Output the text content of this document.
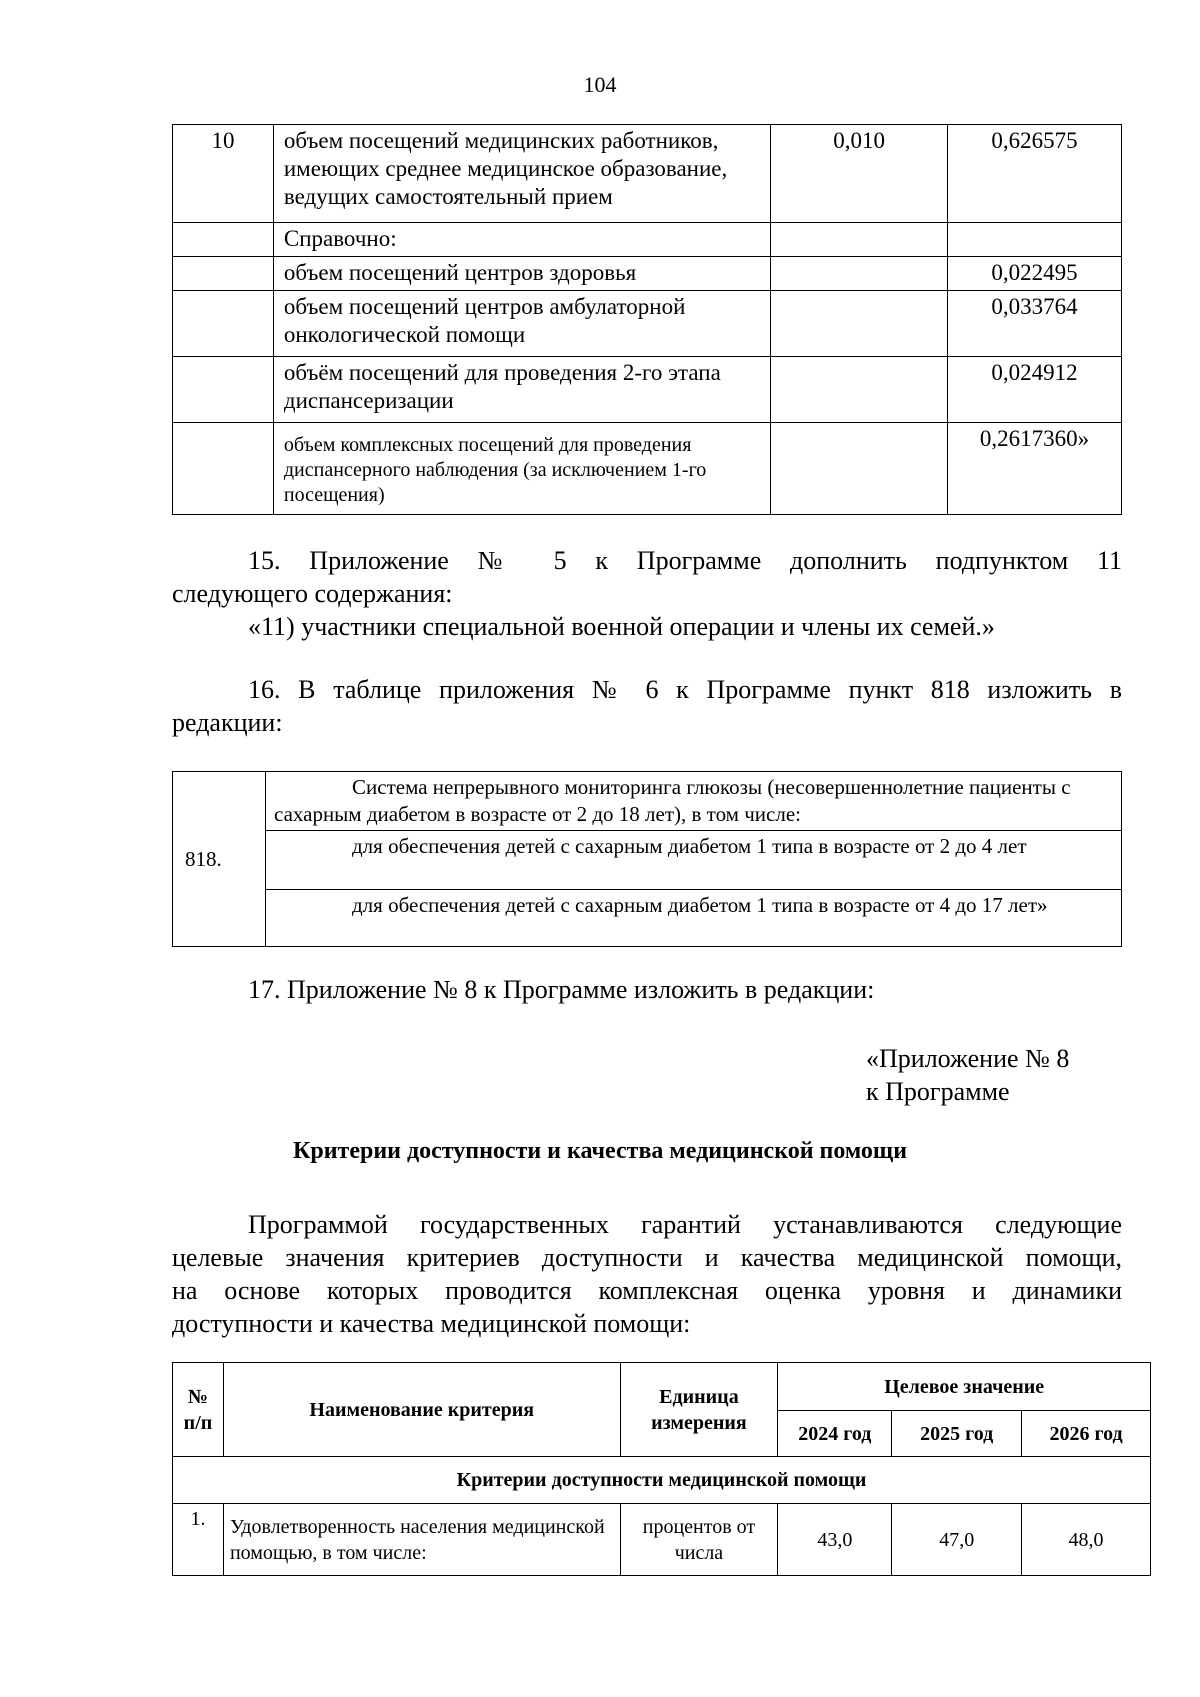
104
10	объем посещений медицинских работников, имеющих среднее медицинское образование, ведущих самостоятельный прием	0,010	0,626575
	Справочно:		
	объем посещений центров здоровья		0,022495
	объем посещений центров амбулаторной онкологической помощи		0,033764
	объём посещений для проведения 2-го этапа диспансеризации		0,024912
	объем комплексных посещений для проведения диспансерного наблюдения (за исключением 1-го посещения)		0,2617360»
15. Приложение № 5 к Программе дополнить подпунктом 11
следующего содержания:
«11) участники специальной военной операции и члены их семей.»
16. В таблице приложения № 6 к Программе пункт 818 изложить в
редакции:
818.	Система непрерывного мониторинга глюкозы (несовершеннолетние пациенты с сахарным диабетом в возрасте от 2 до 18 лет), в том числе:
для обеспечения детей с сахарным диабетом 1 типа в возрасте от 2 до 4 лет
для обеспечения детей с сахарным диабетом 1 типа в возрасте от 4 до 17 лет»
17. Приложение № 8 к Программе изложить в редакции:
«Приложение № 8
к Программе
Критерии доступности и качества медицинской помощи
Программой государственных гарантий устанавливаются следующие
целевые значения критериев доступности и качества медицинской помощи,
на основе которых проводится комплексная оценка уровня и динамики
доступности и качества медицинской помощи:
№ п/п	Наименование критерия	Единица измерения	Целевое значение		
			2024 год	2025 год	2026 год
Критерии доступности медицинской помощи					
1.	Удовлетворенность населения медицинской помощью, в том числе:	процентов от числа	43,0	47,0	48,0
